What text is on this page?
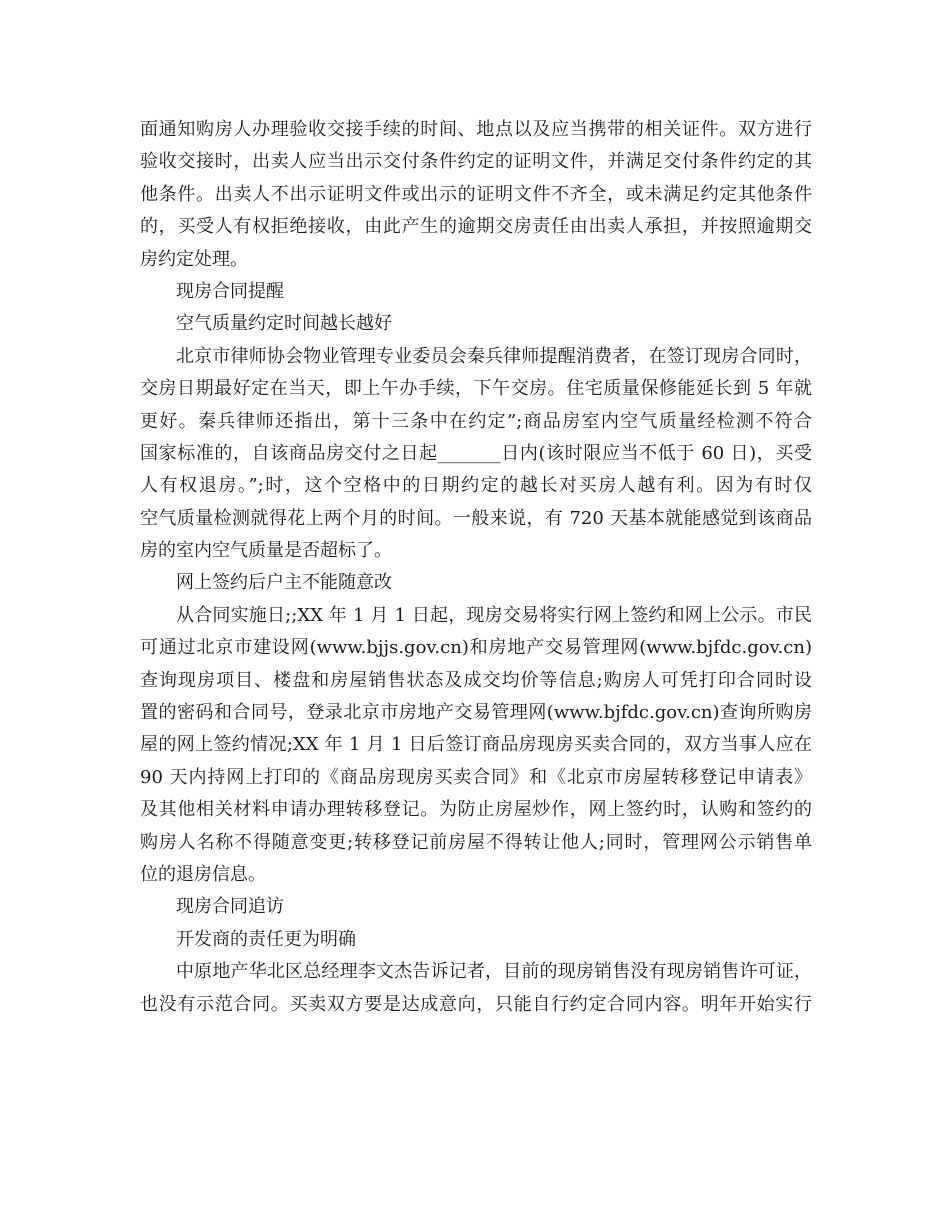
面通知购房人办理验收交接手续的时间、地点以及应当携带的相关证件。双方进行
验收交接时，出卖人应当出示交付条件约定的证明文件，并满足交付条件约定的其
他条件。出卖人不出示证明文件或出示的证明文件不齐全，或未满足约定其他条件
的，买受人有权拒绝接收，由此产生的逾期交房责任由出卖人承担，并按照逾期交
房约定处理。
现房合同提醒
空气质量约定时间越长越好
北京市律师协会物业管理专业委员会秦兵律师提醒消费者，在签订现房合同时，
交房日期最好定在当天，即上午办手续，下午交房。住宅质量保修能延长到 5 年就
更好。秦兵律师还指出，第十三条中在约定”;商品房室内空气质量经检测不符合
国家标准的，自该商品房交付之日起_______日内(该时限应当不低于 60 日)，买受
人有权退房。”;时，这个空格中的日期约定的越长对买房人越有利。因为有时仅
空气质量检测就得花上两个月的时间。一般来说，有 720 天基本就能感觉到该商品
房的室内空气质量是否超标了。
网上签约后户主不能随意改
从合同实施日;;XX 年 1 月 1 日起，现房交易将实行网上签约和网上公示。市民
可通过北京市建设网(www.bjjs.gov.cn)和房地产交易管理网(www.bjfdc.gov.cn)
查询现房项目、楼盘和房屋销售状态及成交均价等信息;购房人可凭打印合同时设
置的密码和合同号，登录北京市房地产交易管理网(www.bjfdc.gov.cn)查询所购房
屋的网上签约情况;XX 年 1 月 1 日后签订商品房现房买卖合同的，双方当事人应在
90 天内持网上打印的《商品房现房买卖合同》和《北京市房屋转移登记申请表》
及其他相关材料申请办理转移登记。为防止房屋炒作，网上签约时，认购和签约的
购房人名称不得随意变更;转移登记前房屋不得转让他人;同时，管理网公示销售单
位的退房信息。
现房合同追访
开发商的责任更为明确
中原地产华北区总经理李文杰告诉记者，目前的现房销售没有现房销售许可证，
也没有示范合同。买卖双方要是达成意向，只能自行约定合同内容。明年开始实行
